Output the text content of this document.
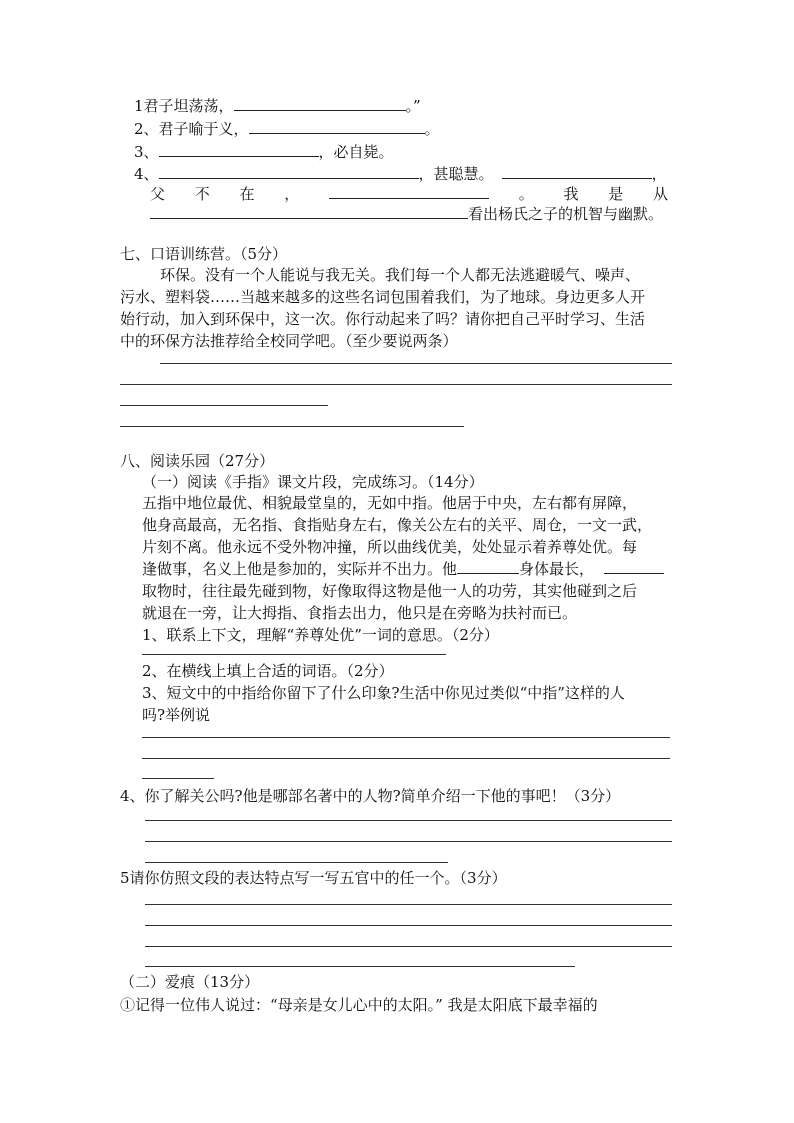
1君子坦荡荡，	。”
2、君子喻于义，	。
3、	，必自毙。
4、	，甚聪慧。	，
父 不 在 ，	。 我 是 从
看出杨氏之子的机智与幽默。
七、口语训练营。（5分）
环保。没有一个人能说与我无关。我们每一个人都无法逃避暖气、噪声、
污水、塑料袋……当越来越多的这些名词包围着我们，为了地球。身边更多人开
始行动，加入到环保中，这一次。你行动起来了吗？请你把自己平时学习、生活
中的环保方法推荐给全校同学吧。（至少要说两条）
八、阅读乐园（27分）
（一）阅读《手指》课文片段，完成练习。（14分）
五指中地位最优、相貌最堂皇的，无如中指。他居于中央，左右都有屏障，
他身高最高，无名指、食指贴身左右，像关公左右的关平、周仓，一文一武，
片刻不离。他永远不受外物冲撞，所以曲线优美，处处显示着养尊处优。每
逢做事，名义上他是参加的，实际并不出力。他	身体最长，
取物时，往往最先碰到物，好像取得这物是他一人的功劳，其实他碰到之后
就退在一旁，让大拇指、食指去出力，他只是在旁略为扶衬而已。
1、联系上下文，理解“养尊处优”一词的意思。（2分）
2、在横线上填上合适的词语。（2分）
3、短文中的中指给你留下了什么印象?生活中你见过类似“中指”这样的人
吗?举例说
4、你了解关公吗?他是哪部名著中的人物?简单介绍一下他的事吧！（3分）
5请你仿照文段的表达特点写一写五官中的任一个。（3分）
（二）爱痕（13分）
①记得一位伟人说过：“母亲是女儿心中的太阳。” 我是太阳底下最幸福的
